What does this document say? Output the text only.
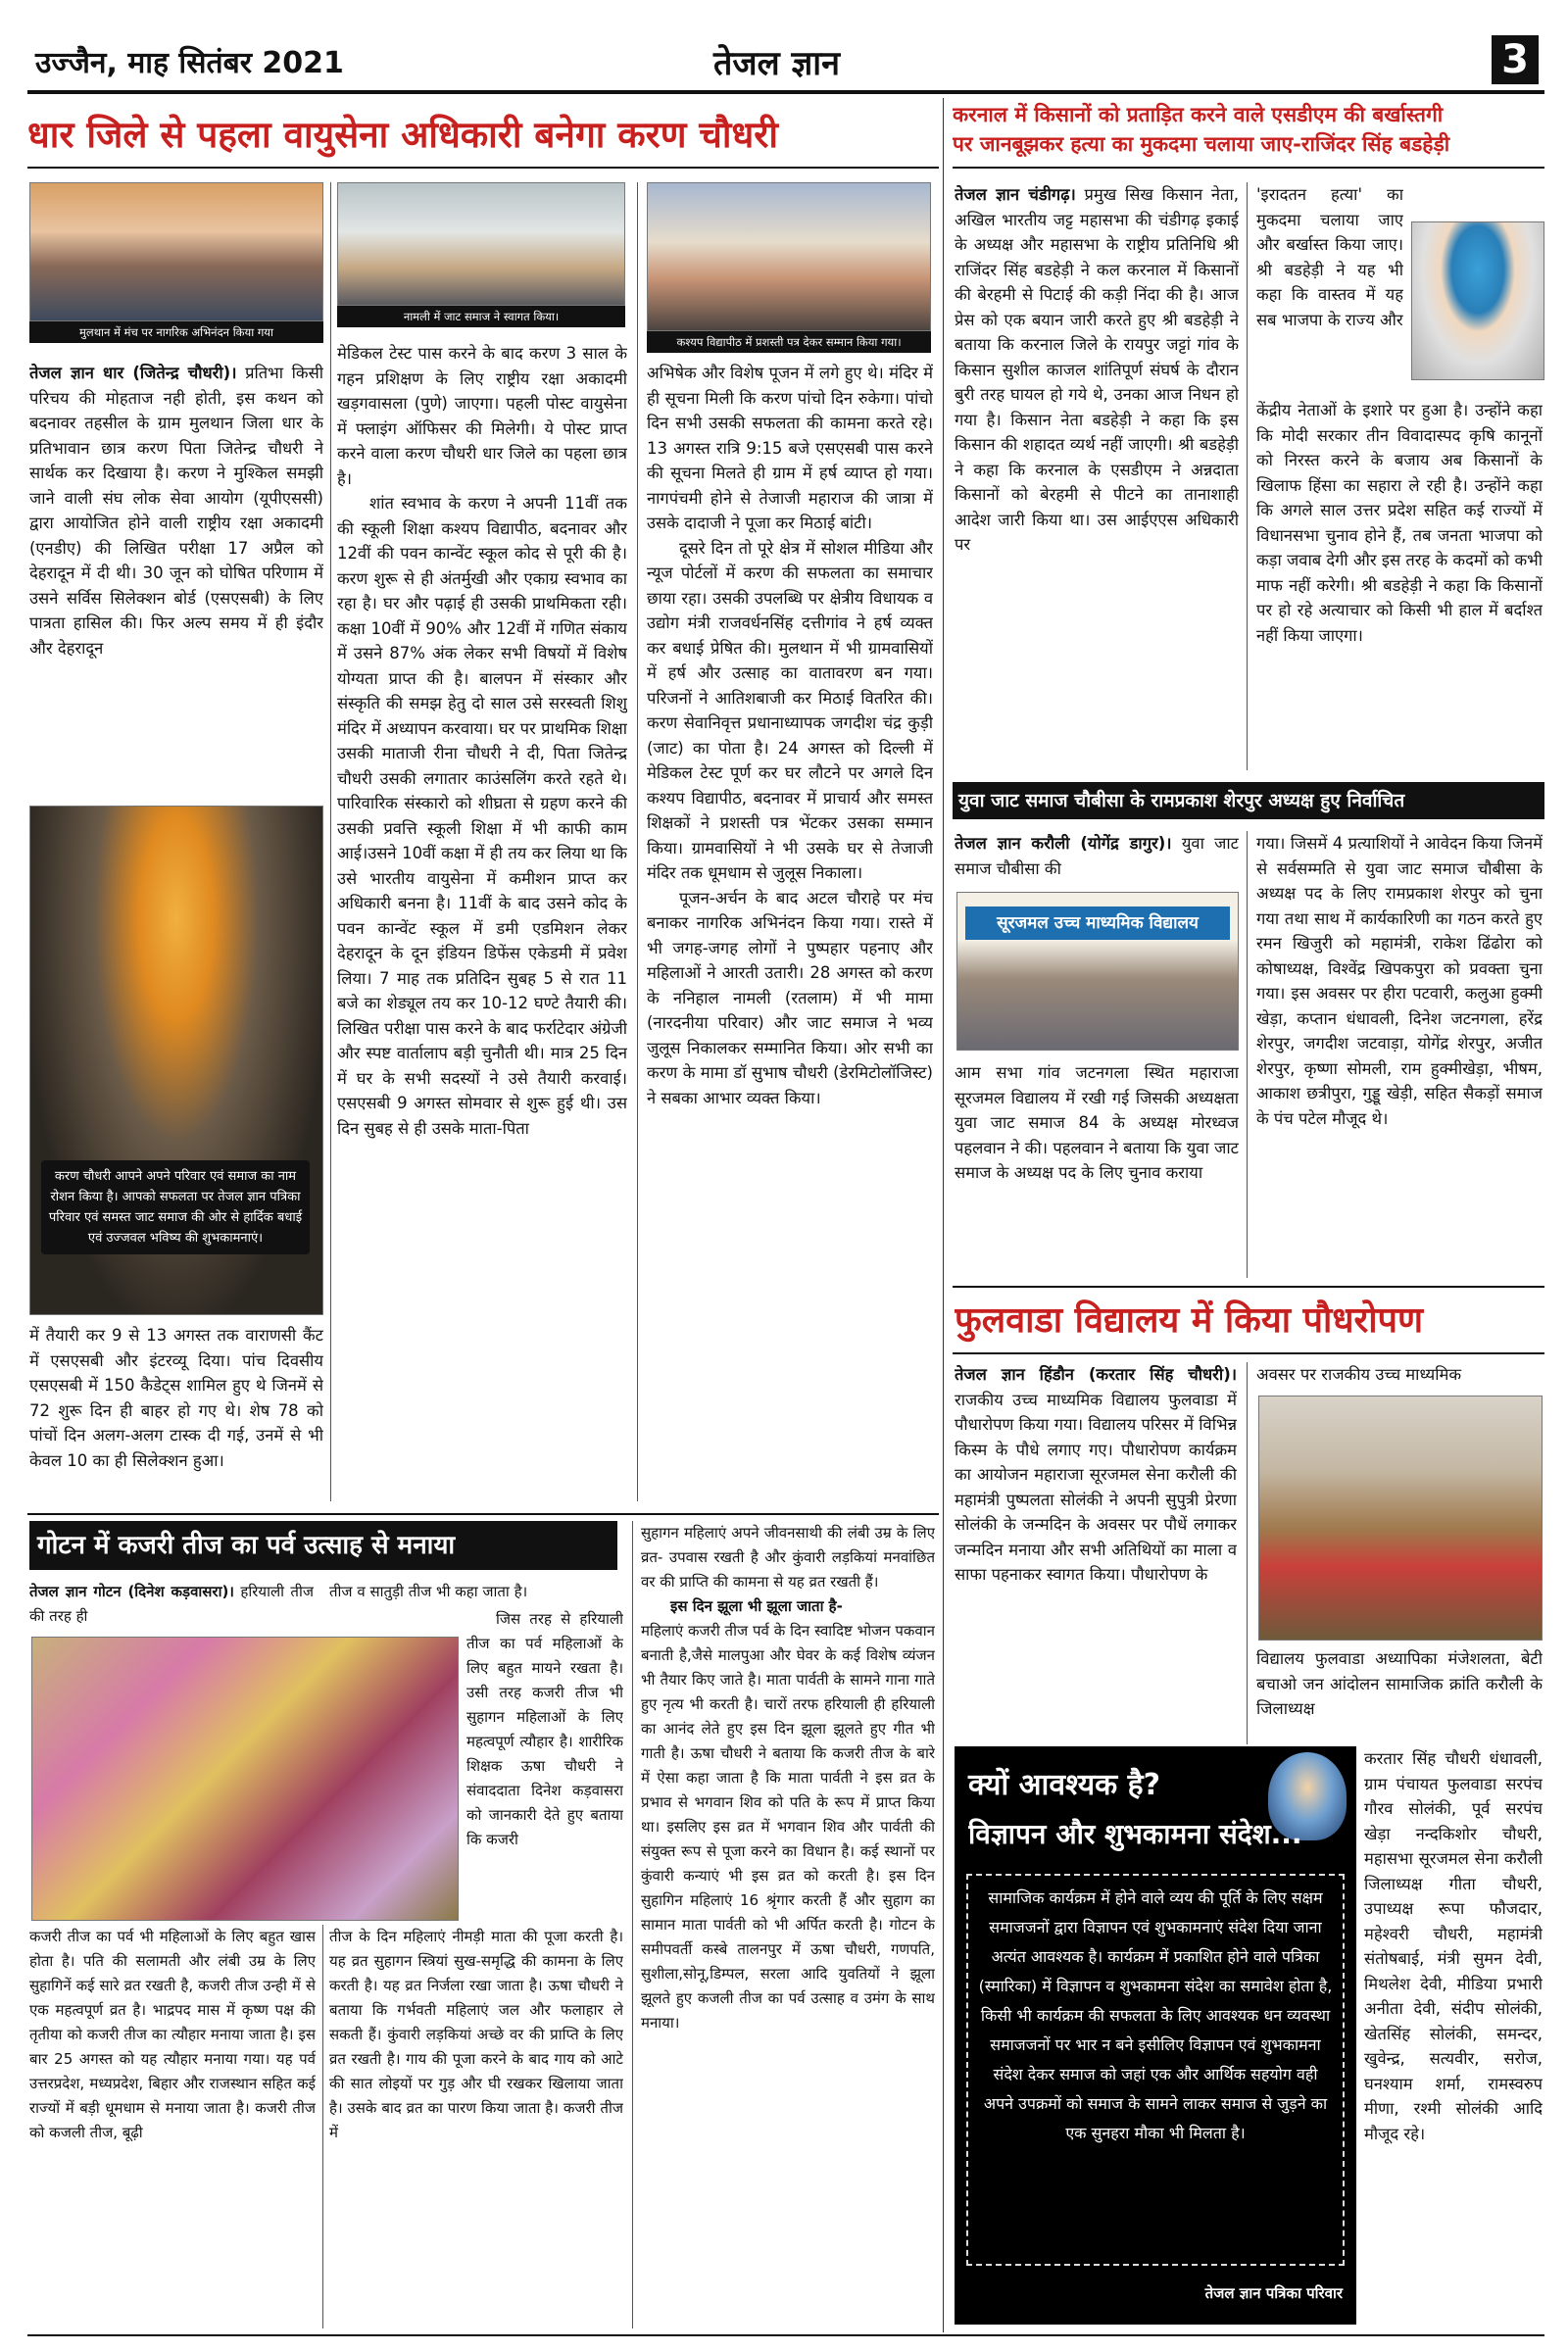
उज्जैन, माह सितंबर 2021	तेजल ज्ञान	3
धार जिले से पहला वायुसेना अधिकारी बनेगा करण चौधरी
मुलथान में मंच पर नागरिक अभिनंदन किया गया
नामली में जाट समाज ने स्वागत किया।
कश्यप विद्यापीठ में प्रशस्ती पत्र देकर सम्मान किया गया।

तेजल ज्ञान धार (जितेन्द्र चौधरी)। प्रतिभा किसी परिचय की मोहताज नही होती, इस कथन को बदनावर तहसील के ग्राम मुलथान जिला धार के प्रतिभावान छात्र करण पिता जितेन्द्र चौधरी ने सार्थक कर दिखाया है। करण ने मुश्किल समझी जाने वाली संघ लोक सेवा आयोग (यूपीएससी) द्वारा आयोजित होने वाली राष्ट्रीय रक्षा अकादमी (एनडीए) की लिखित परीक्षा 17 अप्रैल को देहरादून में दी थी। 30 जून को घोषित परिणाम में उसने सर्विस सिलेक्शन बोर्ड (एसएसबी) के लिए पात्रता हासिल की। फिर अल्प समय में ही इंदौर और देहरादून

करण चौधरी आपने अपने परिवार एवं समाज का नाम रोशन किया है। आपको सफलता पर तेजल ज्ञान पत्रिका परिवार एवं समस्त जाट समाज की ओर से हार्दिक बधाई एवं उज्जवल भविष्य की शुभकामनाएं।

में तैयारी कर 9 से 13 अगस्त तक वाराणसी कैंट में एसएसबी और इंटरव्यू दिया। पांच दिवसीय एसएसबी में 150 कैडेट्स शामिल हुए थे जिनमें से 72 शुरू दिन ही बाहर हो गए थे। शेष 78 को पांचों दिन अलग-अलग टास्क दी गई, उनमें से भी केवल 10 का ही सिलेक्शन हुआ।

मेडिकल टेस्ट पास करने के बाद करण 3 साल के गहन प्रशिक्षण के लिए राष्ट्रीय रक्षा अकादमी खड़गवासला (पुणे) जाएगा। पहली पोस्ट वायुसेना में फ्लाइंग ऑफिसर की मिलेगी। ये पोस्ट प्राप्त करने वाला करण चौधरी धार जिले का पहला छात्र है।

शांत स्वभाव के करण ने अपनी 11वीं तक की स्कूली शिक्षा कश्यप विद्यापीठ, बदनावर और 12वीं की पवन कान्वेंट स्कूल कोद से पूरी की है। करण शुरू से ही अंतर्मुखी और एकाग्र स्वभाव का रहा है। घर और पढ़ाई ही उसकी प्राथमिकता रही। कक्षा 10वीं में 90% और 12वीं में गणित संकाय में उसने 87% अंक लेकर सभी विषयों में विशेष योग्यता प्राप्त की है। बालपन में संस्कार और संस्कृति की समझ हेतु दो साल उसे सरस्वती शिशु मंदिर में अध्यापन करवाया। घर पर प्राथमिक शिक्षा उसकी माताजी रीना चौधरी ने दी, पिता जितेन्द्र चौधरी उसकी लगातार काउंसलिंग करते रहते थे। पारिवारिक संस्कारो को शीघ्रता से ग्रहण करने की उसकी प्रवत्ति स्कूली शिक्षा में भी काफी काम आई।उसने 10वीं कक्षा में ही तय कर लिया था कि उसे भारतीय वायुसेना में कमीशन प्राप्त कर अधिकारी बनना है। 11वीं के बाद उसने कोद के पवन कान्वेंट स्कूल में डमी एडमिशन लेकर देहरादून के दून इंडियन डिफेंस एकेडमी में प्रवेश लिया। 7 माह तक प्रतिदिन सुबह 5 से रात 11 बजे का शेड्यूल तय कर 10-12 घण्टे तैयारी की। लिखित परीक्षा पास करने के बाद फर्राटेदार अंग्रेजी और स्पष्ट वार्तालाप बड़ी चुनौती थी। मात्र 25 दिन में घर के सभी सदस्यों ने उसे तैयारी करवाई। एसएसबी 9 अगस्त सोमवार से शुरू हुई थी। उस दिन सुबह से ही उसके माता-पिता

अभिषेक और विशेष पूजन में लगे हुए थे। मंदिर में ही सूचना मिली कि करण पांचो दिन रुकेगा। पांचो दिन सभी उसकी सफलता की कामना करते रहे। 13 अगस्त रात्रि 9:15 बजे एसएसबी पास करने की सूचना मिलते ही ग्राम में हर्ष व्याप्त हो गया। नागपंचमी होने से तेजाजी महाराज की जात्रा में उसके दादाजी ने पूजा कर मिठाई बांटी।

दूसरे दिन तो पूरे क्षेत्र में सोशल मीडिया और न्यूज पोर्टलों में करण की सफलता का समाचार छाया रहा। उसकी उपलब्धि पर क्षेत्रीय विधायक व उद्योग मंत्री राजवर्धनसिंह दत्तीगांव ने हर्ष व्यक्त कर बधाई प्रेषित की। मुलथान में भी ग्रामवासियों में हर्ष और उत्साह का वातावरण बन गया। परिजनों ने आतिशबाजी कर मिठाई वितरित की। करण सेवानिवृत्त प्रधानाध्यापक जगदीश चंद्र कुड़ी (जाट) का पोता है। 24 अगस्त को दिल्ली में मेडिकल टेस्ट पूर्ण कर घर लौटने पर अगले दिन कश्यप विद्यापीठ, बदनावर में प्राचार्य और समस्त शिक्षकों ने प्रशस्ती पत्र भेंटकर उसका सम्मान किया। ग्रामवासियों ने भी उसके घर से तेजाजी मंदिर तक धूमधाम से जुलूस निकाला।

पूजन-अर्चन के बाद अटल चौराहे पर मंच बनाकर नागरिक अभिनंदन किया गया। रास्ते में भी जगह-जगह लोगों ने पुष्पहार पहनाए और महिलाओं ने आरती उतारी। 28 अगस्त को करण के ननिहाल नामली (रतलाम) में भी मामा (नारदनीया परिवार) और जाट समाज ने भव्य जुलूस निकालकर सम्मानित किया। ओर सभी का करण के मामा डॉ सुभाष चौधरी (डेरमिटोलॉजिस्ट) ने सबका आभार व्यक्त किया।

करनाल में किसानों को प्रताड़ित करने वाले एसडीएम की बर्खास्तगी
पर जानबूझकर हत्या का मुकदमा चलाया जाए-राजिंदर सिंह बडहेड़ी

तेजल ज्ञान चंडीगढ़। प्रमुख सिख किसान नेता, अखिल भारतीय जट्ट महासभा की चंडीगढ़ इकाई के अध्यक्ष और महासभा के राष्ट्रीय प्रतिनिधि श्री राजिंदर सिंह बडहेड़ी ने कल करनाल में किसानों की बेरहमी से पिटाई की कड़ी निंदा की है। आज प्रेस को एक बयान जारी करते हुए श्री बडहेड़ी ने बताया कि करनाल जिले के रायपुर जट्टां गांव के किसान सुशील काजल शांतिपूर्ण संघर्ष के दौरान बुरी तरह घायल हो गये थे, उनका आज निधन हो गया है। किसान नेता बडहेड़ी ने कहा कि इस किसान की शहादत व्यर्थ नहीं जाएगी। श्री बडहेड़ी ने कहा कि करनाल के एसडीएम ने अन्नदाता किसानों को बेरहमी से पीटने का तानाशाही आदेश जारी किया था। उस आईएएस अधिकारी पर

'इरादतन हत्या' का मुकदमा चलाया जाए और बर्खास्त किया जाए। श्री बडहेड़ी ने यह भी कहा कि वास्तव में यह सब भाजपा के राज्य और

केंद्रीय नेताओं के इशारे पर हुआ है। उन्होंने कहा कि मोदी सरकार तीन विवादास्पद कृषि कानूनों को निरस्त करने के बजाय अब किसानों के खिलाफ हिंसा का सहारा ले रही है। उन्होंने कहा कि अगले साल उत्तर प्रदेश सहित कई राज्यों में विधानसभा चुनाव होने हैं, तब जनता भाजपा को कड़ा जवाब देगी और इस तरह के कदमों को कभी माफ नहीं करेगी। श्री बडहेड़ी ने कहा कि किसानों पर हो रहे अत्याचार को किसी भी हाल में बर्दाश्त नहीं किया जाएगा।

युवा जाट समाज चौबीसा के रामप्रकाश शेरपुर अध्यक्ष हुए निर्वाचित

तेजल ज्ञान करौली (योगेंद्र डागुर)। युवा जाट समाज चौबीसा की

सूरजमल उच्च माध्यमिक विद्यालय

आम सभा गांव जटनगला स्थित महाराजा सूरजमल विद्यालय में रखी गई जिसकी अध्यक्षता युवा जाट समाज 84 के अध्यक्ष मोरध्वज पहलवान ने की। पहलवान ने बताया कि युवा जाट समाज के अध्यक्ष पद के लिए चुनाव कराया

गया। जिसमें 4 प्रत्याशियों ने आवेदन किया जिनमें से सर्वसम्मति से युवा जाट समाज चौबीसा के अध्यक्ष पद के लिए रामप्रकाश शेरपुर को चुना गया तथा साथ में कार्यकारिणी का गठन करते हुए रमन खिजुरी को महामंत्री, राकेश ढिंढोरा को कोषाध्यक्ष, विश्वेंद्र खिपकपुरा को प्रवक्ता चुना गया। इस अवसर पर हीरा पटवारी, कलुआ हुक्मी खेड़ा, कप्तान धंधावली, दिनेश जटनगला, हरेंद्र शेरपुर, जगदीश जटवाड़ा, योगेंद्र शेरपुर, अजीत शेरपुर, कृष्णा सोमली, राम हुक्मीखेड़ा, भीषम, आकाश छत्रीपुरा, गुड्डू खेड़ी, सहित सैकड़ों समाज के पंच पटेल मौजूद थे।

फुलवाडा विद्यालय में किया पौधरोपण

तेजल ज्ञान हिंडौन (करतार सिंह चौधरी)। राजकीय उच्च माध्यमिक विद्यालय फुलवाडा में पौधारोपण किया गया। विद्यालय परिसर में विभिन्न किस्म के पौधे लगाए गए। पौधारोपण कार्यक्रम का आयोजन महाराजा सूरजमल सेना करौली की महामंत्री पुष्पलता सोलंकी ने अपनी सुपुत्री प्रेरणा सोलंकी के जन्मदिन के अवसर पर पौधें लगाकर जन्मदिन मनाया और सभी अतिथियों का माला व साफा पहनाकर स्वागत किया। पौधारोपण के

अवसर पर राजकीय उच्च माध्यमिक

क्यों आवश्यक है?
विज्ञापन और शुभकामना संदेश...
सामाजिक कार्यक्रम में होने वाले व्यय की पूर्ति के लिए सक्षम समाजजनों द्वारा विज्ञापन एवं शुभकामनाएं संदेश दिया जाना अत्यंत आवश्यक है। कार्यक्रम में प्रकाशित होने वाले पत्रिका (स्मारिका) में विज्ञापन व शुभकामना संदेश का समावेश होता है, किसी भी कार्यक्रम की सफलता के लिए आवश्यक धन व्यवस्था समाजजनों पर भार न बने इसीलिए विज्ञापन एवं शुभकामना संदेश देकर समाज को जहां एक और आर्थिक सहयोग वही अपने उपक्रमों को समाज के सामने लाकर समाज से जुड़ने का एक सुनहरा मौका भी मिलता है।
तेजल ज्ञान पत्रिका परिवार

विद्यालय फुलवाडा अध्यापिका मंजेशलता, बेटी बचाओ जन आंदोलन सामाजिक क्रांति करौली के जिलाध्यक्ष

करतार सिंह चौधरी धंधावली, ग्राम पंचायत फुलवाडा सरपंच गौरव सोलंकी, पूर्व सरपंच खेड़ा नन्दकिशोर चौधरी, महासभा सूरजमल सेना करौली जिलाध्यक्ष गीता चौधरी, उपाध्यक्ष रूपा फौजदार, महेश्वरी चौधरी, महामंत्री संतोषबाई, मंत्री सुमन देवी, मिथलेश देवी, मीडिया प्रभारी अनीता देवी, संदीप सोलंकी, खेतसिंह सोलंकी, समन्दर, खुवेन्द्र, सत्यवीर, सरोज, घनश्याम शर्मा, रामस्वरुप मीणा, रश्मी सोलंकी आदि मौजूद रहे।

गोटन में कजरी तीज का पर्व उत्साह से मनाया

तेजल ज्ञान गोटन (दिनेश कड़वासरा)। हरियाली तीज की तरह ही

तीज व सातुड़ी तीज भी कहा जाता है।

जिस तरह से हरियाली तीज का पर्व महिलाओं के लिए बहुत मायने रखता है। उसी तरह कजरी तीज भी सुहागन महिलाओं के लिए महत्वपूर्ण त्यौहार है। शारीरिक शिक्षक ऊषा चौधरी ने संवाददाता दिनेश कड़वासरा को जानकारी देते हुए बताया कि कजरी

कजरी तीज का पर्व भी महिलाओं के लिए बहुत खास होता है। पति की सलामती और लंबी उम्र के लिए सुहागिनें कई सारे व्रत रखती है, कजरी तीज उन्ही में से एक महत्वपूर्ण व्रत है। भाद्रपद मास में कृष्ण पक्ष की तृतीया को कजरी तीज का त्यौहार मनाया जाता है। इस बार 25 अगस्त को यह त्यौहार मनाया गया। यह पर्व उत्तरप्रदेश, मध्यप्रदेश, बिहार और राजस्थान सहित कई राज्यों में बड़ी धूमधाम से मनाया जाता है। कजरी तीज को कजली तीज, बूढ़ी

तीज के दिन महिलाएं नीमड़ी माता की पूजा करती है। यह व्रत सुहागन स्त्रियां सुख-समृद्धि की कामना के लिए करती है। यह व्रत निर्जला रखा जाता है। ऊषा चौधरी ने बताया कि गर्भवती महिलाएं जल और फलाहार ले सकती हैं। कुंवारी लड़कियां अच्छे वर की प्राप्ति के लिए व्रत रखती है। गाय की पूजा करने के बाद गाय को आटे की सात लोइयों पर गुड़ और घी रखकर खिलाया जाता है। उसके बाद व्रत का पारण किया जाता है। कजरी तीज में

सुहागन महिलाएं अपने जीवनसाथी की लंबी उम्र के लिए व्रत- उपवास रखती है और कुंवारी लड़कियां मनवांछित वर की प्राप्ति की कामना से यह व्रत रखती हैं।

इस दिन झूला भी झूला जाता है-

महिलाएं कजरी तीज पर्व के दिन स्वादिष्ट भोजन पकवान बनाती है,जैसे मालपुआ और घेवर के कई विशेष व्यंजन भी तैयार किए जाते है। माता पार्वती के सामने गाना गाते हुए नृत्य भी करती है। चारों तरफ हरियाली ही हरियाली का आनंद लेते हुए इस दिन झूला झूलते हुए गीत भी गाती है। ऊषा चौधरी ने बताया कि कजरी तीज के बारे में ऐसा कहा जाता है कि माता पार्वती ने इस व्रत के प्रभाव से भगवान शिव को पति के रूप में प्राप्त किया था। इसलिए इस व्रत में भगवान शिव और पार्वती की संयुक्त रूप से पूजा करने का विधान है। कई स्थानों पर कुंवारी कन्याएं भी इस व्रत को करती है। इस दिन सुहागिन महिलाएं 16 श्रृंगार करती हैं और सुहाग का सामान माता पार्वती को भी अर्पित करती है। गोटन के समीपवर्ती कस्बे तालनपुर में ऊषा चौधरी, गणपति, सुशीला,सोनू,डिम्पल, सरला आदि युवतियों ने झूला झूलते हुए कजली तीज का पर्व उत्साह व उमंग के साथ मनाया।
